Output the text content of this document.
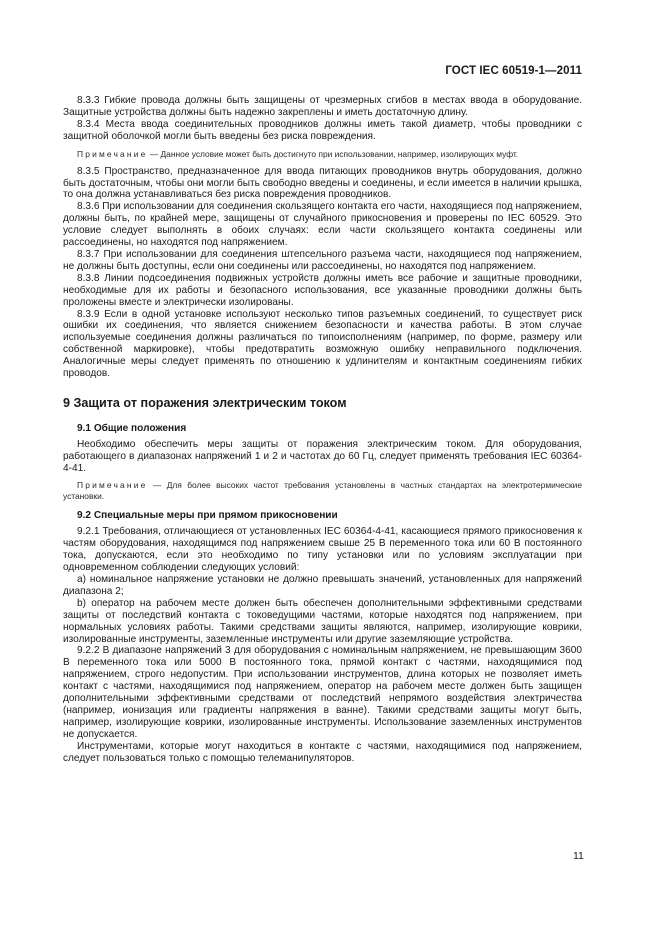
ГОСТ IEC 60519-1—2011

8.3.3 Гибкие провода должны быть защищены от чрезмерных сгибов в местах ввода в оборудование. Защитные устройства должны быть надежно закреплены и иметь достаточную длину.

8.3.4 Места ввода соединительных проводников должны иметь такой диаметр, чтобы проводники с защитной оболочкой могли быть введены без риска повреждения.

Примечание — Данное условие может быть достигнуто при использовании, например, изолирующих муфт.

8.3.5 Пространство, предназначенное для ввода питающих проводников внутрь оборудования, должно быть достаточным, чтобы они могли быть свободно введены и соединены, и если имеется в наличии крышка, то она должна устанавливаться без риска повреждения проводников.

8.3.6 При использовании для соединения скользящего контакта его части, находящиеся под напряжением, должны быть, по крайней мере, защищены от случайного прикосновения и проверены по IEC 60529. Это условие следует выполнять в обоих случаях: если части скользящего контакта соединены или рассоединены, но находятся под напряжением.

8.3.7 При использовании для соединения штепсельного разъема части, находящиеся под напряжением, не должны быть доступны, если они соединены или рассоединены, но находятся под напряжением.

8.3.8 Линии подсоединения подвижных устройств должны иметь все рабочие и защитные проводники, необходимые для их работы и безопасного использования, все указанные проводники должны быть проложены вместе и электрически изолированы.

8.3.9 Если в одной установке используют несколько типов разъемных соединений, то существует риск ошибки их соединения, что является снижением безопасности и качества работы. В этом случае используемые соединения должны различаться по типоисполнениям (например, по форме, размеру или собственной маркировке), чтобы предотвратить возможную ошибку неправильного подключения. Аналогичные меры следует применять по отношению к удлинителям и контактным соединениям гибких проводов.

9 Защита от поражения электрическим током

9.1 Общие положения

Необходимо обеспечить меры защиты от поражения электрическим током. Для оборудования, работающего в диапазонах напряжений 1 и 2 и частотах до 60 Гц, следует применять требования IEC 60364-4-41.

Примечание — Для более высоких частот требования установлены в частных стандартах на электротермические установки.

9.2 Специальные меры при прямом прикосновении

9.2.1 Требования, отличающиеся от установленных IEC 60364-4-41, касающиеся прямого прикосновения к частям оборудования, находящимся под напряжением свыше 25 В переменного тока или 60 В постоянного тока, допускаются, если это необходимо по типу установки или по условиям эксплуатации при одновременном соблюдении следующих условий:

a) номинальное напряжение установки не должно превышать значений, установленных для напряжений диапазона 2;

b) оператор на рабочем месте должен быть обеспечен дополнительными эффективными средствами защиты от последствий контакта с токоведущими частями, которые находятся под напряжением, при нормальных условиях работы. Такими средствами защиты являются, например, изолирующие коврики, изолированные инструменты, заземленные инструменты или другие заземляющие устройства.

9.2.2 В диапазоне напряжений 3 для оборудования с номинальным напряжением, не превышающим 3600 В переменного тока или 5000 В постоянного тока, прямой контакт с частями, находящимися под напряжением, строго недопустим. При использовании инструментов, длина которых не позволяет иметь контакт с частями, находящимися под напряжением, оператор на рабочем месте должен быть защищен дополнительными эффективными средствами от последствий непрямого воздействия электричества (например, ионизация или градиенты напряжения в ванне). Такими средствами защиты могут быть, например, изолирующие коврики, изолированные инструменты. Использование заземленных инструментов не допускается.

Инструментами, которые могут находиться в контакте с частями, находящимися под напряжением, следует пользоваться только с помощью телеманипуляторов.

11
